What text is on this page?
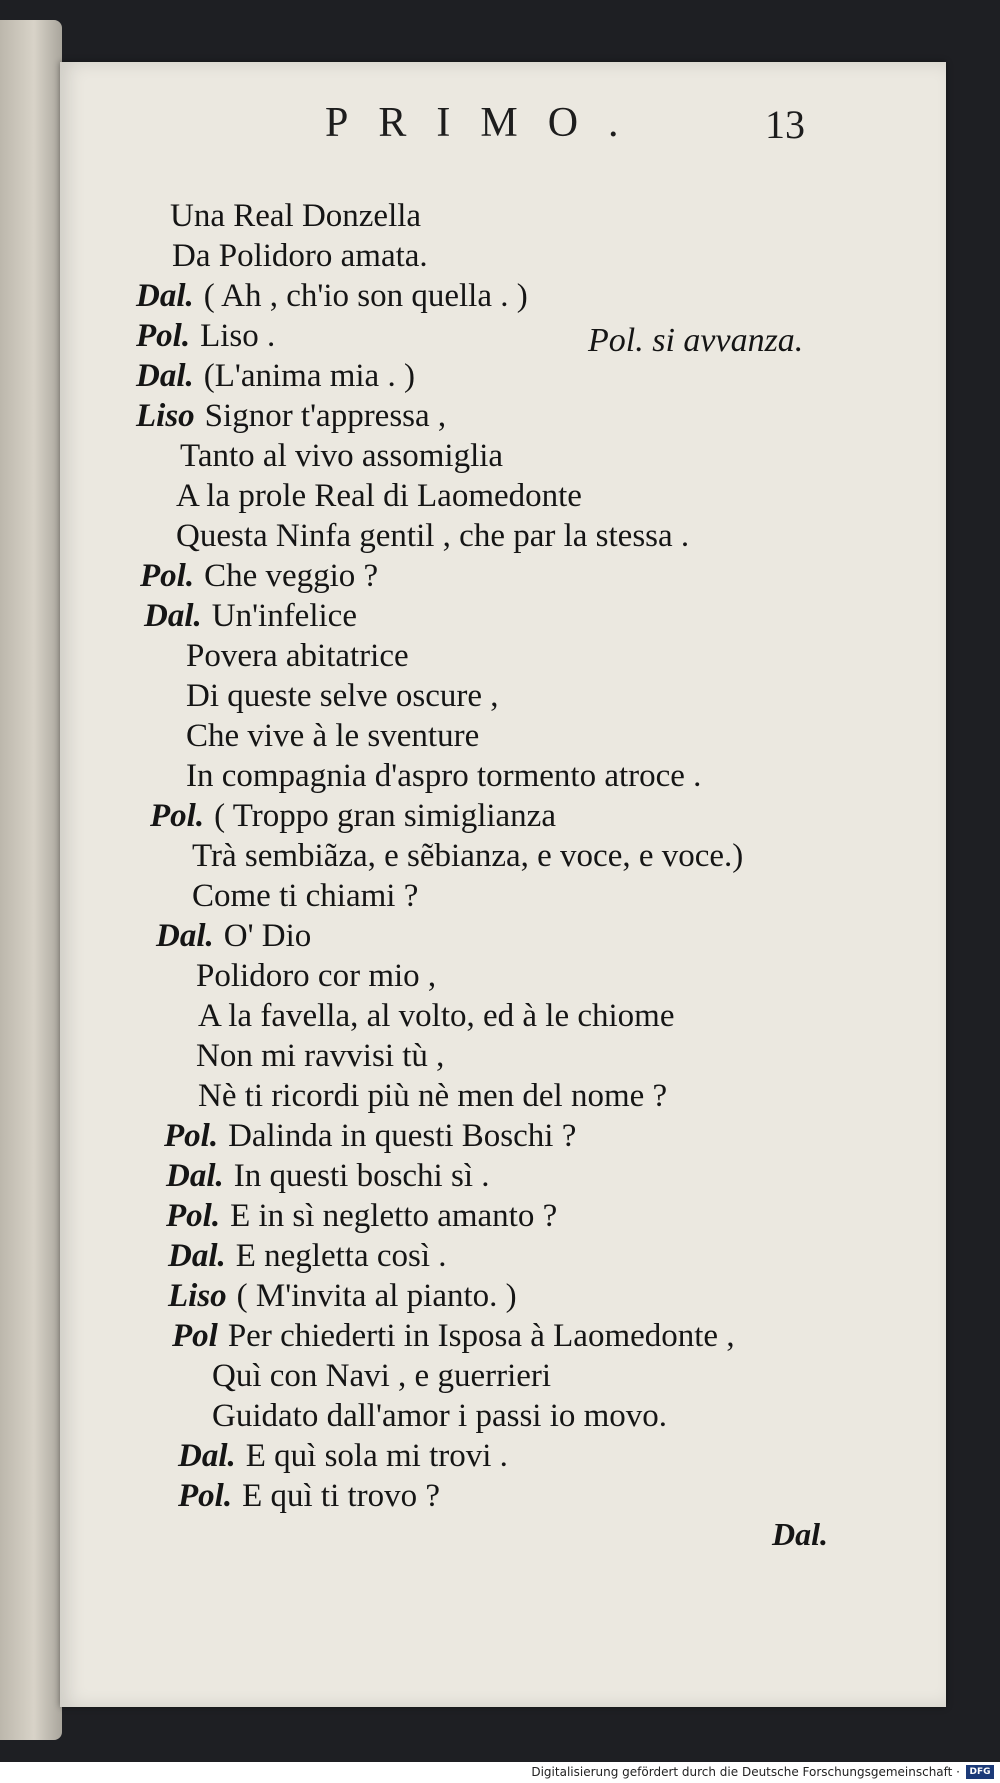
PRIMO.	13
Pol. si avvanza.
Una Real Donzella
Da Polidoro amata.
Dal. ( Ah , ch'io son quella . )
Pol. Liso .
Dal. (L'anima mia . )
Liso Signor t'appressa ,
Tanto al vivo assomiglia
A la prole Real di Laomedonte
Questa Ninfa gentil , che par la stessa .
Pol. Che veggio ?
Dal. Un'infelice
Povera abitatrice
Di queste selve oscure ,
Che vive à le sventure
In compagnia d'aspro tormento atroce .
Pol. ( Troppo gran simiglianza
Trà sembiãza, e sẽbianza, e voce, e voce.)
Come ti chiami ?
Dal. O' Dio
Polidoro cor mio ,
A la favella, al volto, ed à le chiome
Non mi ravvisi tù ,
Nè ti ricordi più nè men del nome ?
Pol. Dalinda in questi Boschi ?
Dal. In questi boschi sì .
Pol. E in sì negletto amanto ?
Dal. E negletta così .
Liso ( M'invita al pianto. )
Pol Per chiederti in Isposa à Laomedonte ,
Quì con Navi , e guerrieri
Guidato dall'amor i passi io movo.
Dal. E quì sola mi trovi .
Pol. E quì ti trovo ?
Dal.
Digitalisierung gefördert durch die Deutsche Forschungsgemeinschaft ·	DFG
